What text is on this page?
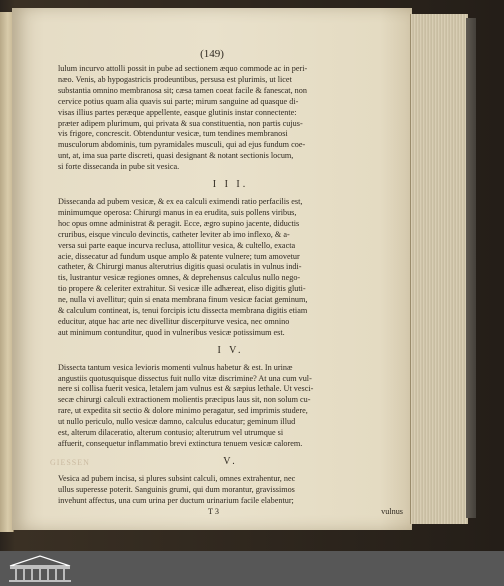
(149)

lulum incurvo attolli possit in pube ad sectionem æquo commode ac in peri-
næo. Venis, ab hypogastricis prodeuntibus, persusa est plurimis, ut licet
substantia omnino membranosa sit; cæsa tamen coeat facile & fanescat, non
cervice potius quam alia quavis sui parte; mirum sanguine ad quasque di-
visas illius partes peræque appellente, easque glutinis instar connectente:
præter adipem plurimum, qui privata & sua constituentia, non partis cujus-
vis frigore, concrescit. Obtenduntur vesicæ, tum tendines membranosi
musculorum abdominis, tum pyramidales musculi, qui ad ejus fundum coe-
unt, at, ima sua parte discreti, quasi designant & notant sectionis locum,
si forte dissecanda in pube sit vesica.

I I I.

Dissecanda ad pubem vesicæ, & ex ea calculi eximendi ratio perfacilis est,
minimumque operosa: Chirurgi manus in ea erudita, suis pollens viribus,
hoc opus omne administrat & peragit. Ecce, ægro supino jacente, diductis
cruribus, eisque vinculo devinctis, catheter leviter ab imo inflexo, & a-
versa sui parte eaque incurva reclusa, attollitur vesica, & cultello, exacta
acie, dissecatur ad fundum usque amplo & patente vulnere; tum amovetur
catheter, & Chirurgi manus alterutrius digitis quasi oculatis in vulnus indi-
tis, lustrantur vesicæ regiones omnes, & deprehensus calculus nullo nego-
tio propere & celeriter extrahitur. Si vesicæ ille adhæreat, eliso digitis gluti-
ne, nulla vi avellitur; quin si enata membrana finum vesicæ faciat geminum,
& calculum contineat, is, tenui forcipis ictu dissecta membrana digitis etiam
educitur, atque hac arte nec divellitur discerpiturve vesica, nec omnino
aut minimum contunditur, quod in vulneribus vesicæ potissimum est.

I V.

Dissecta tantum vesica levioris momenti vulnus habetur & est. In urinæ
angustiis quotusquisque dissectus fuit nullo vitæ discrimine? At una cum vul-
nere si collisa fuerit vesica, letalem jam vulnus est & sæpius lethale. Ut vesci-
secæ chirurgi calculi extractionem molientis præcipus laus sit, non solum cu-
rare, ut expedita sit sectio & dolore minimo peragatur, sed imprimis studere,
ut nullo periculo, nullo vesicæ damno, calculus educatur; geminum illud
est, alterum dilaceratio, alterum contusio; alterutrum vel utrumque si
affuerit, consequetur inflammatio brevi extinctura tenuem vesicæ calorem.

V.

Vesica ad pubem incisa, si plures subsint calculi, omnes extrahentur, nec
ullus superesse poterit. Sanguinis grumi, qui dum morantur, gravissimos
invehunt affectus, una cum urina per ductum urinarium facile elabentur;

T 3	vulnus
GIESSEN
